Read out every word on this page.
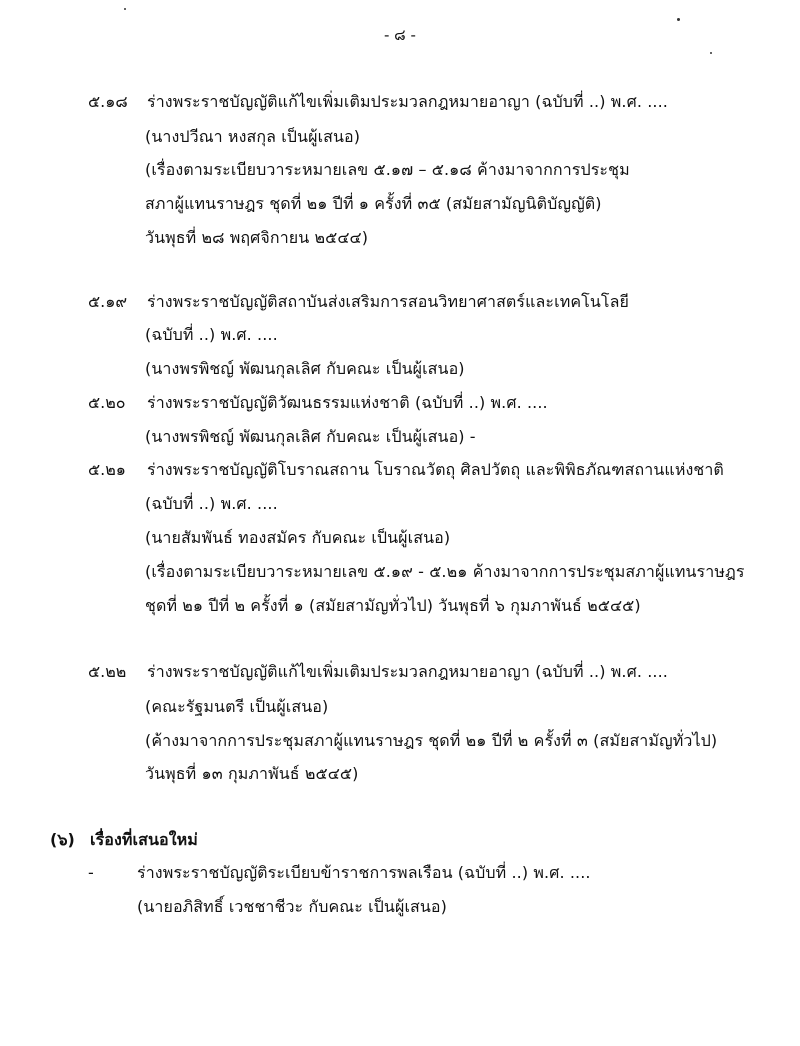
- ๘ -
๕.๑๘ ร่างพระราชบัญญัติแก้ไขเพิ่มเติมประมวลกฎหมายอาญา (ฉบับที่ ..) พ.ศ. ....
(นางปวีณา หงสกุล เป็นผู้เสนอ)
(เรื่องตามระเบียบวาระหมายเลข ๕.๑๗ – ๕.๑๘ ค้างมาจากการประชุม
สภาผู้แทนราษฎร ชุดที่ ๒๑ ปีที่ ๑ ครั้งที่ ๓๕ (สมัยสามัญนิติบัญญัติ)
วันพุธที่ ๒๘ พฤศจิกายน ๒๕๔๔)
๕.๑๙ ร่างพระราชบัญญัติสถาบันส่งเสริมการสอนวิทยาศาสตร์และเทคโนโลยี
(ฉบับที่ ..) พ.ศ. ....
(นางพรพิชญ์ พัฒนกุลเลิศ กับคณะ เป็นผู้เสนอ)
๕.๒๐ ร่างพระราชบัญญัติวัฒนธรรมแห่งชาติ (ฉบับที่ ..) พ.ศ. ....
(นางพรพิชญ์ พัฒนกุลเลิศ กับคณะ เป็นผู้เสนอ) -
๕.๒๑ ร่างพระราชบัญญัติโบราณสถาน โบราณวัตถุ ศิลปวัตถุ และพิพิธภัณฑสถานแห่งชาติ
(ฉบับที่ ..) พ.ศ. ....
(นายสัมพันธ์ ทองสมัคร กับคณะ เป็นผู้เสนอ)
(เรื่องตามระเบียบวาระหมายเลข ๕.๑๙ - ๕.๒๑ ค้างมาจากการประชุมสภาผู้แทนราษฎร
ชุดที่ ๒๑ ปีที่ ๒ ครั้งที่ ๑ (สมัยสามัญทั่วไป) วันพุธที่ ๖ กุมภาพันธ์ ๒๕๔๕)
๕.๒๒ ร่างพระราชบัญญัติแก้ไขเพิ่มเติมประมวลกฎหมายอาญา (ฉบับที่ ..) พ.ศ. ....
(คณะรัฐมนตรี เป็นผู้เสนอ)
(ค้างมาจากการประชุมสภาผู้แทนราษฎร ชุดที่ ๒๑ ปีที่ ๒ ครั้งที่ ๓ (สมัยสามัญทั่วไป)
วันพุธที่ ๑๓ กุมภาพันธ์ ๒๕๔๕)
(๖) เรื่องที่เสนอใหม่
-	ร่างพระราชบัญญัติระเบียบข้าราชการพลเรือน (ฉบับที่ ..) พ.ศ. ....
(นายอภิสิทธิ์ เวชชาชีวะ กับคณะ เป็นผู้เสนอ)
